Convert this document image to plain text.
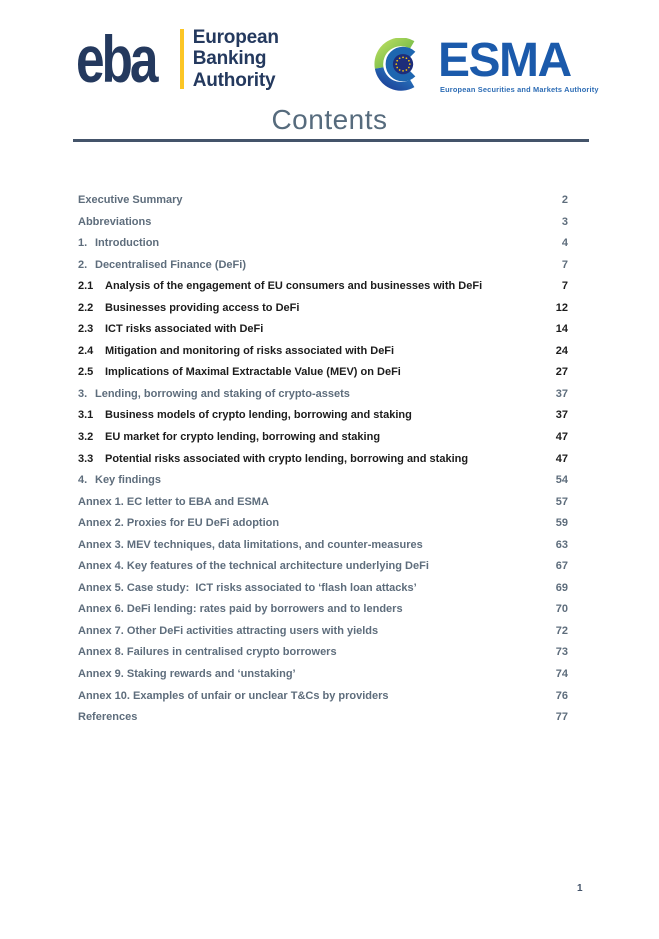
eba European
Banking
Authority	ESMA
European Securities and Markets Authority
Contents
Executive Summary	2
Abbreviations	3
1. Introduction	4
2. Decentralised Finance (DeFi)	7
2.1	Analysis of the engagement of EU consumers and businesses with DeFi	7
2.2	Businesses providing access to DeFi	12
2.3	ICT risks associated with DeFi	14
2.4	Mitigation and monitoring of risks associated with DeFi	24
2.5	Implications of Maximal Extractable Value (MEV) on DeFi	27
3. Lending, borrowing and staking of crypto-assets	37
3.1	Business models of crypto lending, borrowing and staking	37
3.2	EU market for crypto lending, borrowing and staking	47
3.3	Potential risks associated with crypto lending, borrowing and staking	47
4. Key findings	54
Annex 1. EC letter to EBA and ESMA	57
Annex 2. Proxies for EU DeFi adoption	59
Annex 3. MEV techniques, data limitations, and counter-measures	63
Annex 4. Key features of the technical architecture underlying DeFi	67
Annex 5. Case study:  ICT risks associated to ‘flash loan attacks’	69
Annex 6. DeFi lending: rates paid by borrowers and to lenders	70
Annex 7. Other DeFi activities attracting users with yields	72
Annex 8. Failures in centralised crypto borrowers	73
Annex 9. Staking rewards and ‘unstaking’	74
Annex 10. Examples of unfair or unclear T&Cs by providers	76
References	77
1
